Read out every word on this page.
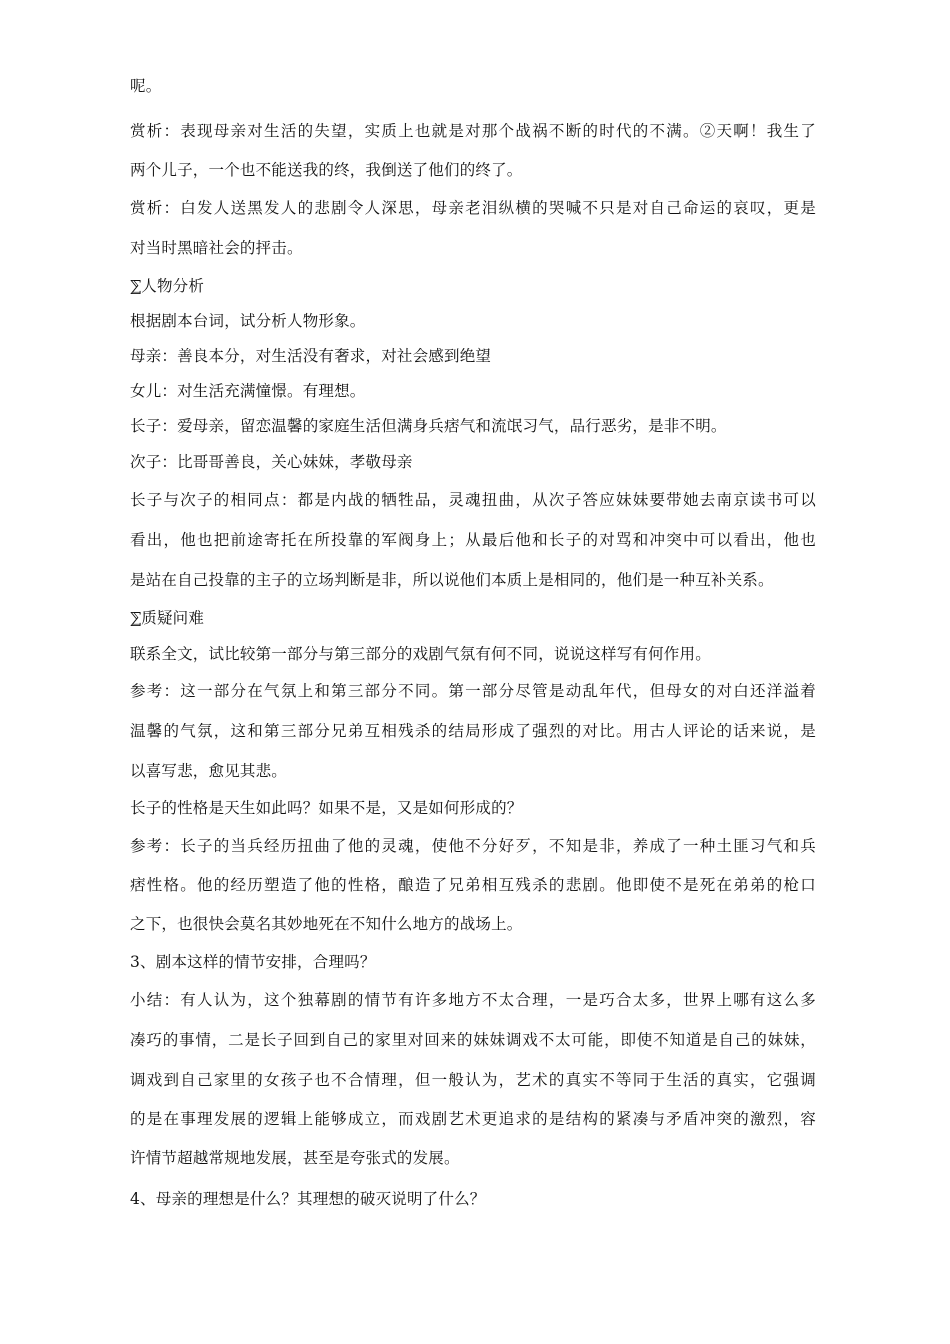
呢。
赏析：表现母亲对生活的失望，实质上也就是对那个战祸不断的时代的不满。②天啊！我生了
两个儿子，一个也不能送我的终，我倒送了他们的终了。
赏析：白发人送黑发人的悲剧令人深思，母亲老泪纵横的哭喊不只是对自己命运的哀叹，更是
对当时黑暗社会的抨击。
⅀人物分析
根据剧本台词，试分析人物形象。
母亲：善良本分，对生活没有奢求，对社会感到绝望
女儿：对生活充满憧憬。有理想。
长子：爱母亲，留恋温馨的家庭生活但满身兵痞气和流氓习气，品行恶劣，是非不明。
次子：比哥哥善良，关心妹妹，孝敬母亲
长子与次子的相同点：都是内战的牺牲品，灵魂扭曲，从次子答应妹妹要带她去南京读书可以
看出，他也把前途寄托在所投靠的军阀身上；从最后他和长子的对骂和冲突中可以看出，他也
是站在自己投靠的主子的立场判断是非，所以说他们本质上是相同的，他们是一种互补关系。
⅀质疑问难
联系全文，试比较第一部分与第三部分的戏剧气氛有何不同，说说这样写有何作用。
参考：这一部分在气氛上和第三部分不同。第一部分尽管是动乱年代，但母女的对白还洋溢着
温馨的气氛，这和第三部分兄弟互相残杀的结局形成了强烈的对比。用古人评论的话来说，是
以喜写悲，愈见其悲。
长子的性格是天生如此吗？如果不是，又是如何形成的？
参考：长子的当兵经历扭曲了他的灵魂，使他不分好歹，不知是非，养成了一种土匪习气和兵
痞性格。他的经历塑造了他的性格，酿造了兄弟相互残杀的悲剧。他即使不是死在弟弟的枪口
之下，也很快会莫名其妙地死在不知什么地方的战场上。
3、剧本这样的情节安排，合理吗？
小结：有人认为，这个独幕剧的情节有许多地方不太合理，一是巧合太多，世界上哪有这么多
凑巧的事情，二是长子回到自己的家里对回来的妹妹调戏不太可能，即使不知道是自己的妹妹，
调戏到自己家里的女孩子也不合情理，但一般认为，艺术的真实不等同于生活的真实，它强调
的是在事理发展的逻辑上能够成立，而戏剧艺术更追求的是结构的紧凑与矛盾冲突的激烈，容
许情节超越常规地发展，甚至是夸张式的发展。
4、母亲的理想是什么？其理想的破灭说明了什么？
